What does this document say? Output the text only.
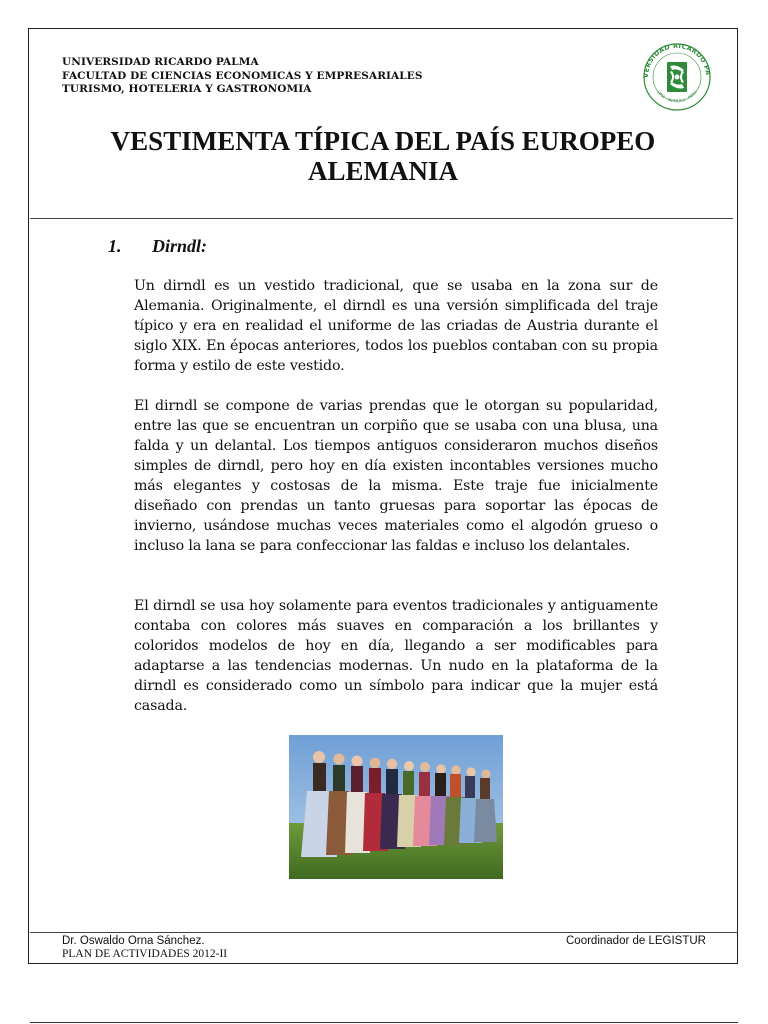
UNIVERSIDAD RICARDO PALMA
FACULTAD DE CIENCIAS ECONOMICAS Y EMPRESARIALES
TURISMO, HOTELERIA Y GASTRONOMIA
VERSIDAD RICARDO PA
LIMA · MCMLXIX · PERU
VESTIMENTA TÍPICA DEL PAÍS EUROPEO
ALEMANIA
1. Dirndl:
Un dirndl es un vestido tradicional, que se usaba en la zona sur de Alemania. Originalmente, el dirndl es una versión simplificada del traje típico y era en realidad el uniforme de las criadas de Austria durante el siglo XIX. En épocas anteriores, todos los pueblos contaban con su propia forma y estilo de este vestido.
El dirndl se compone de varias prendas que le otorgan su popularidad, entre las que se encuentran un corpiño que se usaba con una blusa, una falda y un delantal. Los tiempos antiguos consideraron muchos diseños simples de dirndl, pero hoy en día existen incontables versiones mucho más elegantes y costosas de la misma. Este traje fue inicialmente diseñado con prendas un tanto gruesas para soportar las épocas de invierno, usándose muchas veces materiales como el algodón grueso o incluso la lana se para confeccionar las faldas e incluso los delantales.
El dirndl se usa hoy solamente para eventos tradicionales y antiguamente contaba con colores más suaves en comparación a los brillantes y coloridos modelos de hoy en día, llegando a ser modificables para adaptarse a las tendencias modernas. Un nudo en la plataforma de la dirndl es considerado como un símbolo para indicar que la mujer está casada.
Dr. Oswaldo Orna Sánchez.
PLAN DE ACTIVIDADES 2012-II
Coordinador de LEGISTUR
